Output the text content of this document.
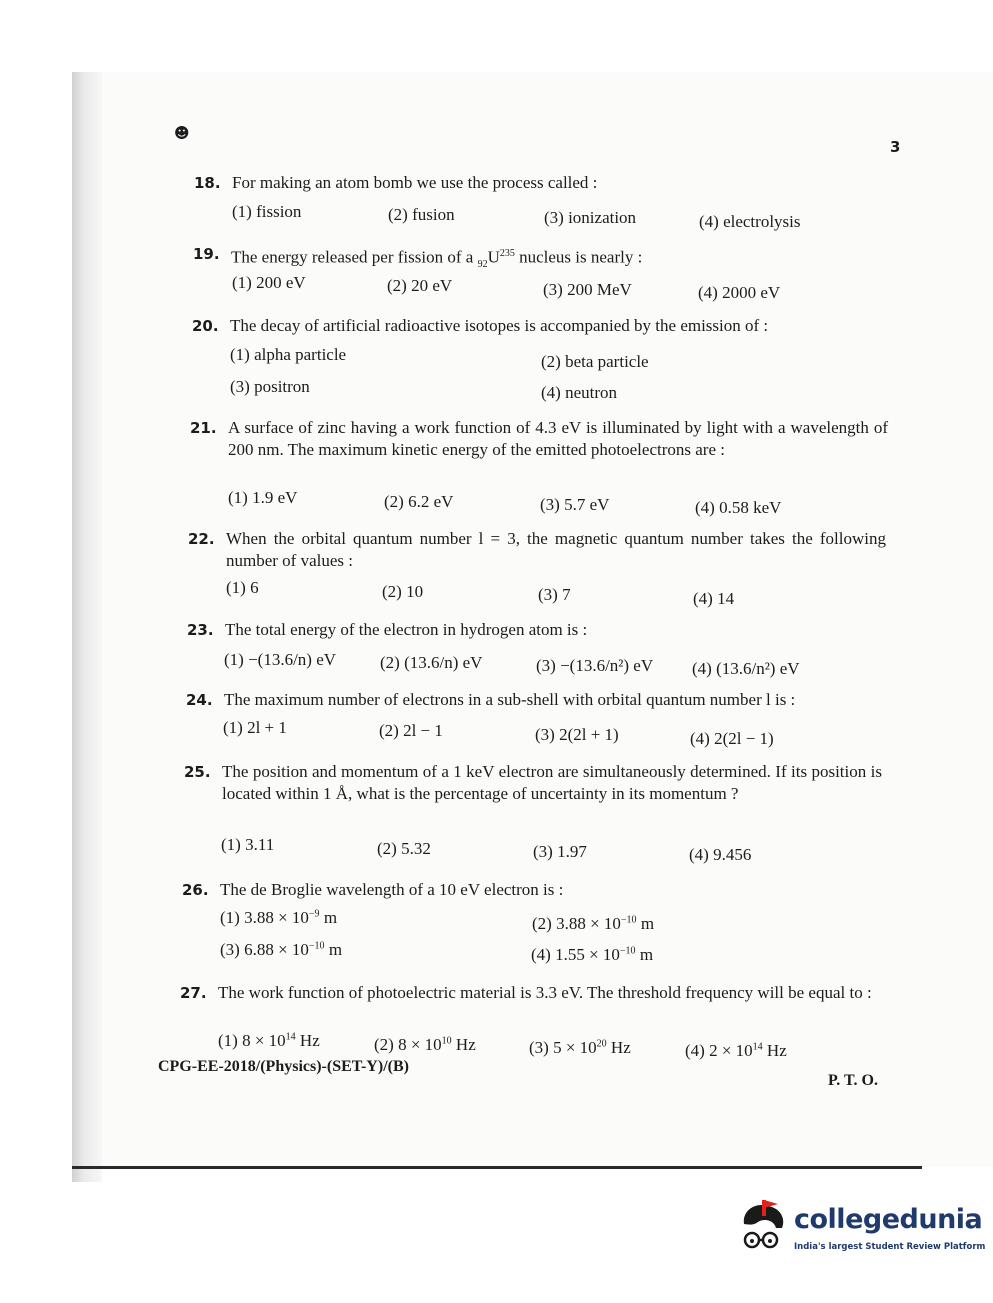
☻
3
18. For making an atom bomb we use the process called :
(1) fission	(2) fusion	(3) ionization	(4) electrolysis
19. The energy released per fission of a $_{92}U^{235}$ nucleus is nearly :
(1) 200 eV	(2) 20 eV	(3) 200 MeV	(4) 2000 eV
20. The decay of artificial radioactive isotopes is accompanied by the emission of :
(1) alpha particle	(2) beta particle
(3) positron	(4) neutron
21. A surface of zinc having a work function of 4.3 eV is illuminated by light with a wavelength of 200 nm. The maximum kinetic energy of the emitted photoelectrons are :
(1) 1.9 eV	(2) 6.2 eV	(3) 5.7 eV	(4) 0.58 keV
22. When the orbital quantum number l = 3, the magnetic quantum number takes the following number of values :
(1) 6	(2) 10	(3) 7	(4) 14
23. The total energy of the electron in hydrogen atom is :
(1) −(13.6/n) eV	(2) (13.6/n) eV	(3) −(13.6/n²) eV (4) (13.6/n²) eV
24. The maximum number of electrons in a sub-shell with orbital quantum number l is :
(1) 2l + 1	(2) 2l − 1	(3) 2(2l + 1)	(4) 2(2l − 1)
25. The position and momentum of a 1 keV electron are simultaneously determined. If its position is located within 1 Å, what is the percentage of uncertainty in its momentum ?
(1) 3.11	(2) 5.32	(3) 1.97	(4) 9.456
26. The de Broglie wavelength of a 10 eV electron is :
(1) $3.88 \times 10^{-9}$ m	(2) $3.88 \times 10^{-10}$ m
(3) $6.88 \times 10^{-10}$ m	(4) $1.55 \times 10^{-10}$ m
27. The work function of photoelectric material is 3.3 eV. The threshold frequency will be equal to :
(1) $8 \times 10^{14}$ Hz	(2) $8 \times 10^{10}$ Hz	(3) $5 \times 10^{20}$ Hz	(4) $2 \times 10^{14}$ Hz
CPG-EE-2018/(Physics)-(SET-Y)/(B)
P. T. O.
collegedunia
India's largest Student Review Platform
